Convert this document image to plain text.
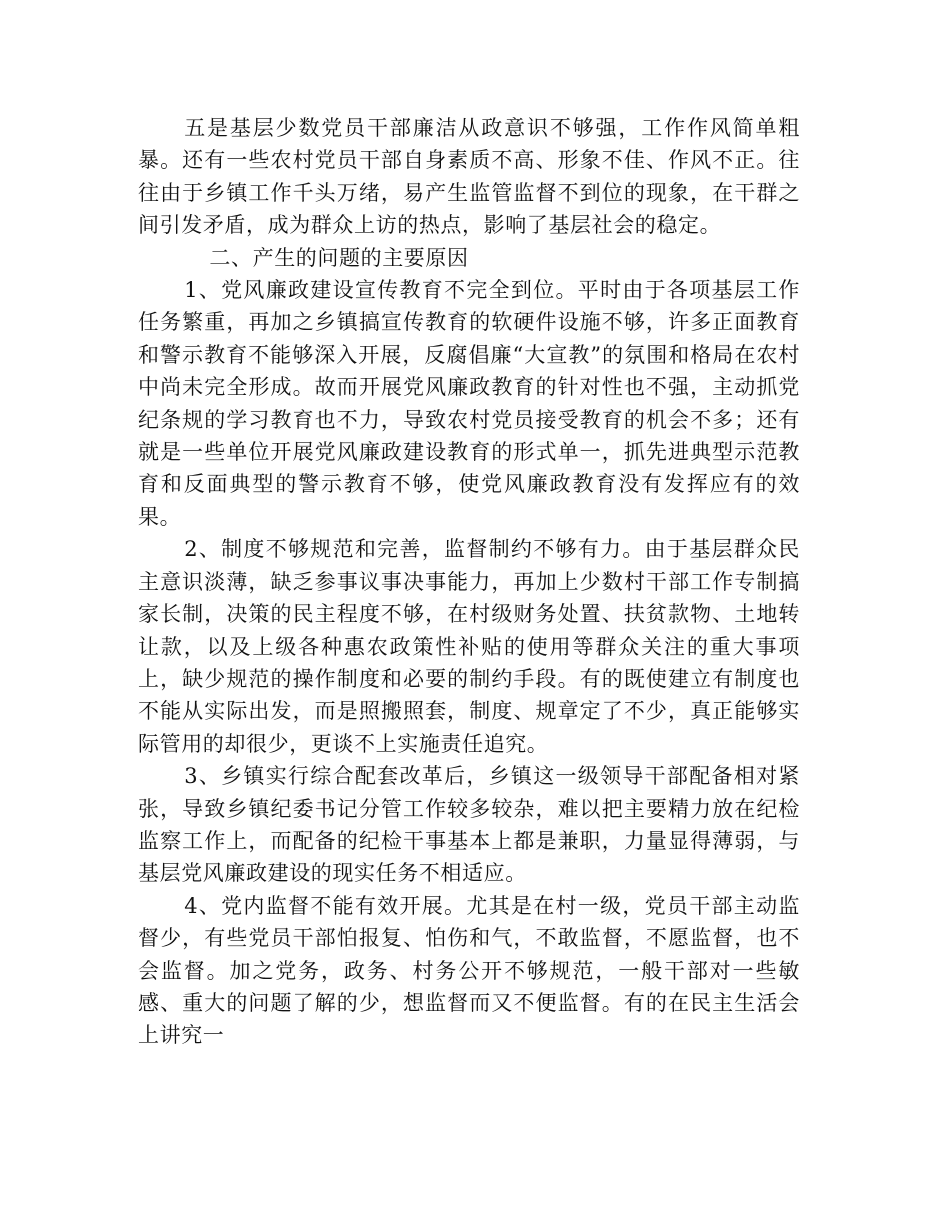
五是基层少数党员干部廉洁从政意识不够强，工作作风简单粗暴。还有一些农村党员干部自身素质不高、形象不佳、作风不正。往往由于乡镇工作千头万绪，易产生监管监督不到位的现象，在干群之间引发矛盾，成为群众上访的热点，影响了基层社会的稳定。

二、产生的问题的主要原因

1、党风廉政建设宣传教育不完全到位。平时由于各项基层工作任务繁重，再加之乡镇搞宣传教育的软硬件设施不够，许多正面教育和警示教育不能够深入开展，反腐倡廉“大宣教”的氛围和格局在农村中尚未完全形成。故而开展党风廉政教育的针对性也不强，主动抓党纪条规的学习教育也不力，导致农村党员接受教育的机会不多；还有就是一些单位开展党风廉政建设教育的形式单一，抓先进典型示范教育和反面典型的警示教育不够，使党风廉政教育没有发挥应有的效果。

2、制度不够规范和完善，监督制约不够有力。由于基层群众民主意识淡薄，缺乏参事议事决事能力，再加上少数村干部工作专制搞家长制，决策的民主程度不够，在村级财务处置、扶贫款物、土地转让款，以及上级各种惠农政策性补贴的使用等群众关注的重大事项上，缺少规范的操作制度和必要的制约手段。有的既使建立有制度也不能从实际出发，而是照搬照套，制度、规章定了不少，真正能够实际管用的却很少，更谈不上实施责任追究。

3、乡镇实行综合配套改革后，乡镇这一级领导干部配备相对紧张，导致乡镇纪委书记分管工作较多较杂，难以把主要精力放在纪检监察工作上，而配备的纪检干事基本上都是兼职，力量显得薄弱，与基层党风廉政建设的现实任务不相适应。

4、党内监督不能有效开展。尤其是在村一级，党员干部主动监督少，有些党员干部怕报复、怕伤和气，不敢监督，不愿监督，也不会监督。加之党务，政务、村务公开不够规范，一般干部对一些敏感、重大的问题了解的少，想监督而又不便监督。有的在民主生活会上讲究一
